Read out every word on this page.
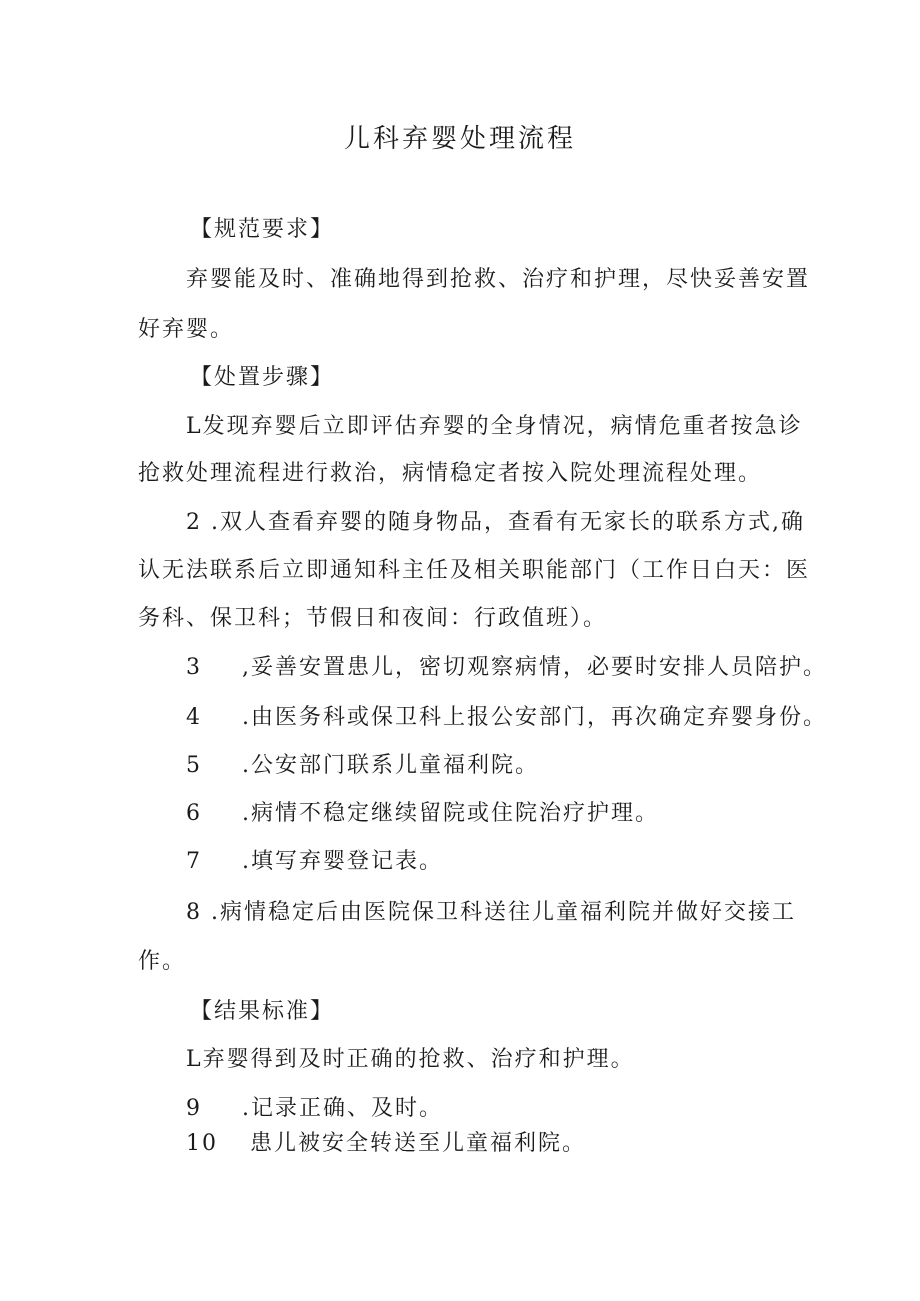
儿科弃婴处理流程
【规范要求】
弃婴能及时、准确地得到抢救、治疗和护理，尽快妥善安置
好弃婴。
【处置步骤】
L发现弃婴后立即评估弃婴的全身情况，病情危重者按急诊
抢救处理流程进行救治，病情稳定者按入院处理流程处理。
2 .双人查看弃婴的随身物品，查看有无家长的联系方式,确
认无法联系后立即通知科主任及相关职能部门（工作日白天：医
务科、保卫科；节假日和夜间：行政值班）。
3 ,妥善安置患儿，密切观察病情，必要时安排人员陪护。
4 .由医务科或保卫科上报公安部门，再次确定弃婴身份。
5 .公安部门联系儿童福利院。
6 .病情不稳定继续留院或住院治疗护理。
7 .填写弃婴登记表。
8 .病情稳定后由医院保卫科送往儿童福利院并做好交接工
作。
【结果标准】
L弃婴得到及时正确的抢救、治疗和护理。
9 .记录正确、及时。
10 患儿被安全转送至儿童福利院。
